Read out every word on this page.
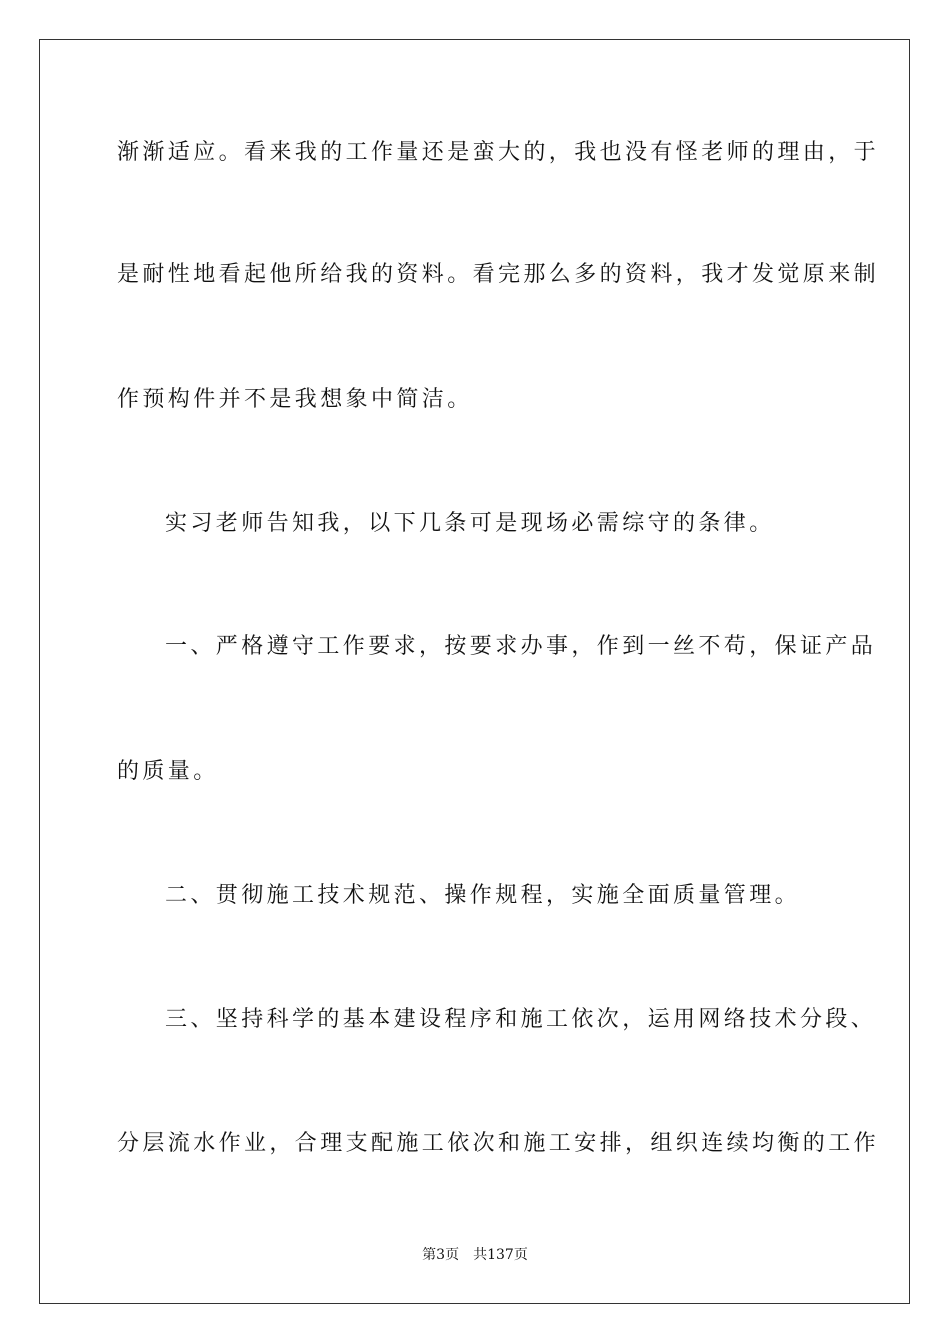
渐渐适应。看来我的工作量还是蛮大的，我也没有怪老师的理由，于
是耐性地看起他所给我的资料。看完那么多的资料，我才发觉原来制
作预构件并不是我想象中简洁。
实习老师告知我，以下几条可是现场必需综守的条律。
一、严格遵守工作要求，按要求办事，作到一丝不苟，保证产品
的质量。
二、贯彻施工技术规范、操作规程，实施全面质量管理。
三、坚持科学的基本建设程序和施工依次，运用网络技术分段、
分层流水作业，合理支配施工依次和施工安排，组织连续均衡的工作
第3页 共137页
